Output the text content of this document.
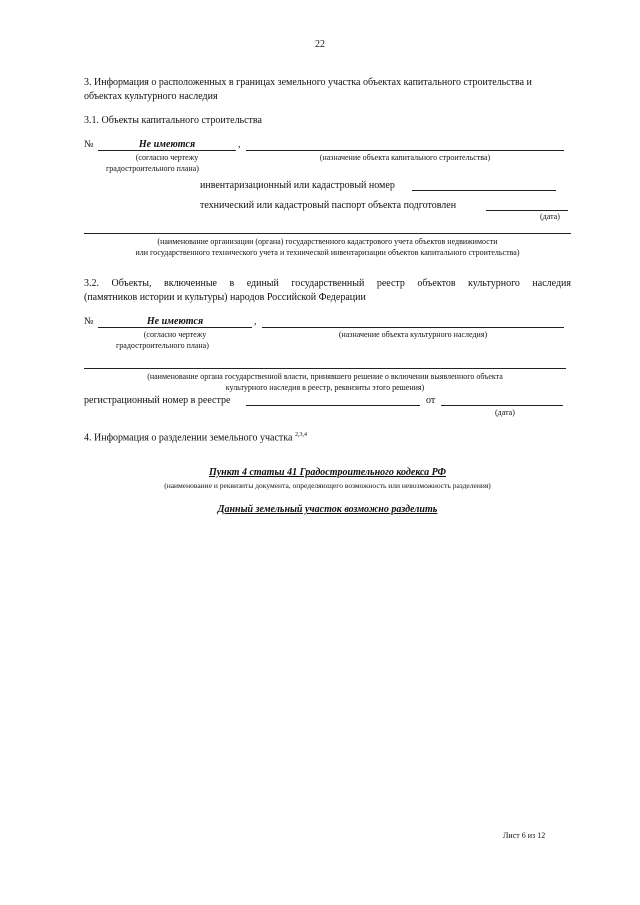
22
3. Информация о расположенных в границах земельного участка объектах капитального строительства и
объектах культурного наследия
3.1. Объекты капитального строительства
№	Не имеются	,
(согласно чертежу
градостроительного плана)
(назначение объекта капитального строительства)
инвентаризационный или кадастровый номер
технический или кадастровый паспорт объекта подготовлен
(дата)
(наименование организации (органа) государственного кадастрового учета объектов недвижимости
или государственного технического учета и технической инвентаризации объектов капитального строительства)
3.2. Объекты, включенные в единый государственный реестр объектов культурного наследия
(памятников истории и культуры) народов Российской Федерации
№	Не имеются	,
(согласно чертежу
градостроительного плана)
(назначение объекта культурного наследия)
(наименование органа государственной власти, принявшего решение о включении выявленного объекта
культурного наследия в реестр, реквизиты этого решения)
регистрационный номер в реестре	от
(дата)
4. Информация о разделении земельного участка $^{2,3,4}$
Пункт 4 статьи 41 Градостроительного кодекса РФ
(наименование и реквизиты документа, определяющего возможность или невозможность разделения)
Данный земельный участок возможно разделить
Лист 6 из 12
